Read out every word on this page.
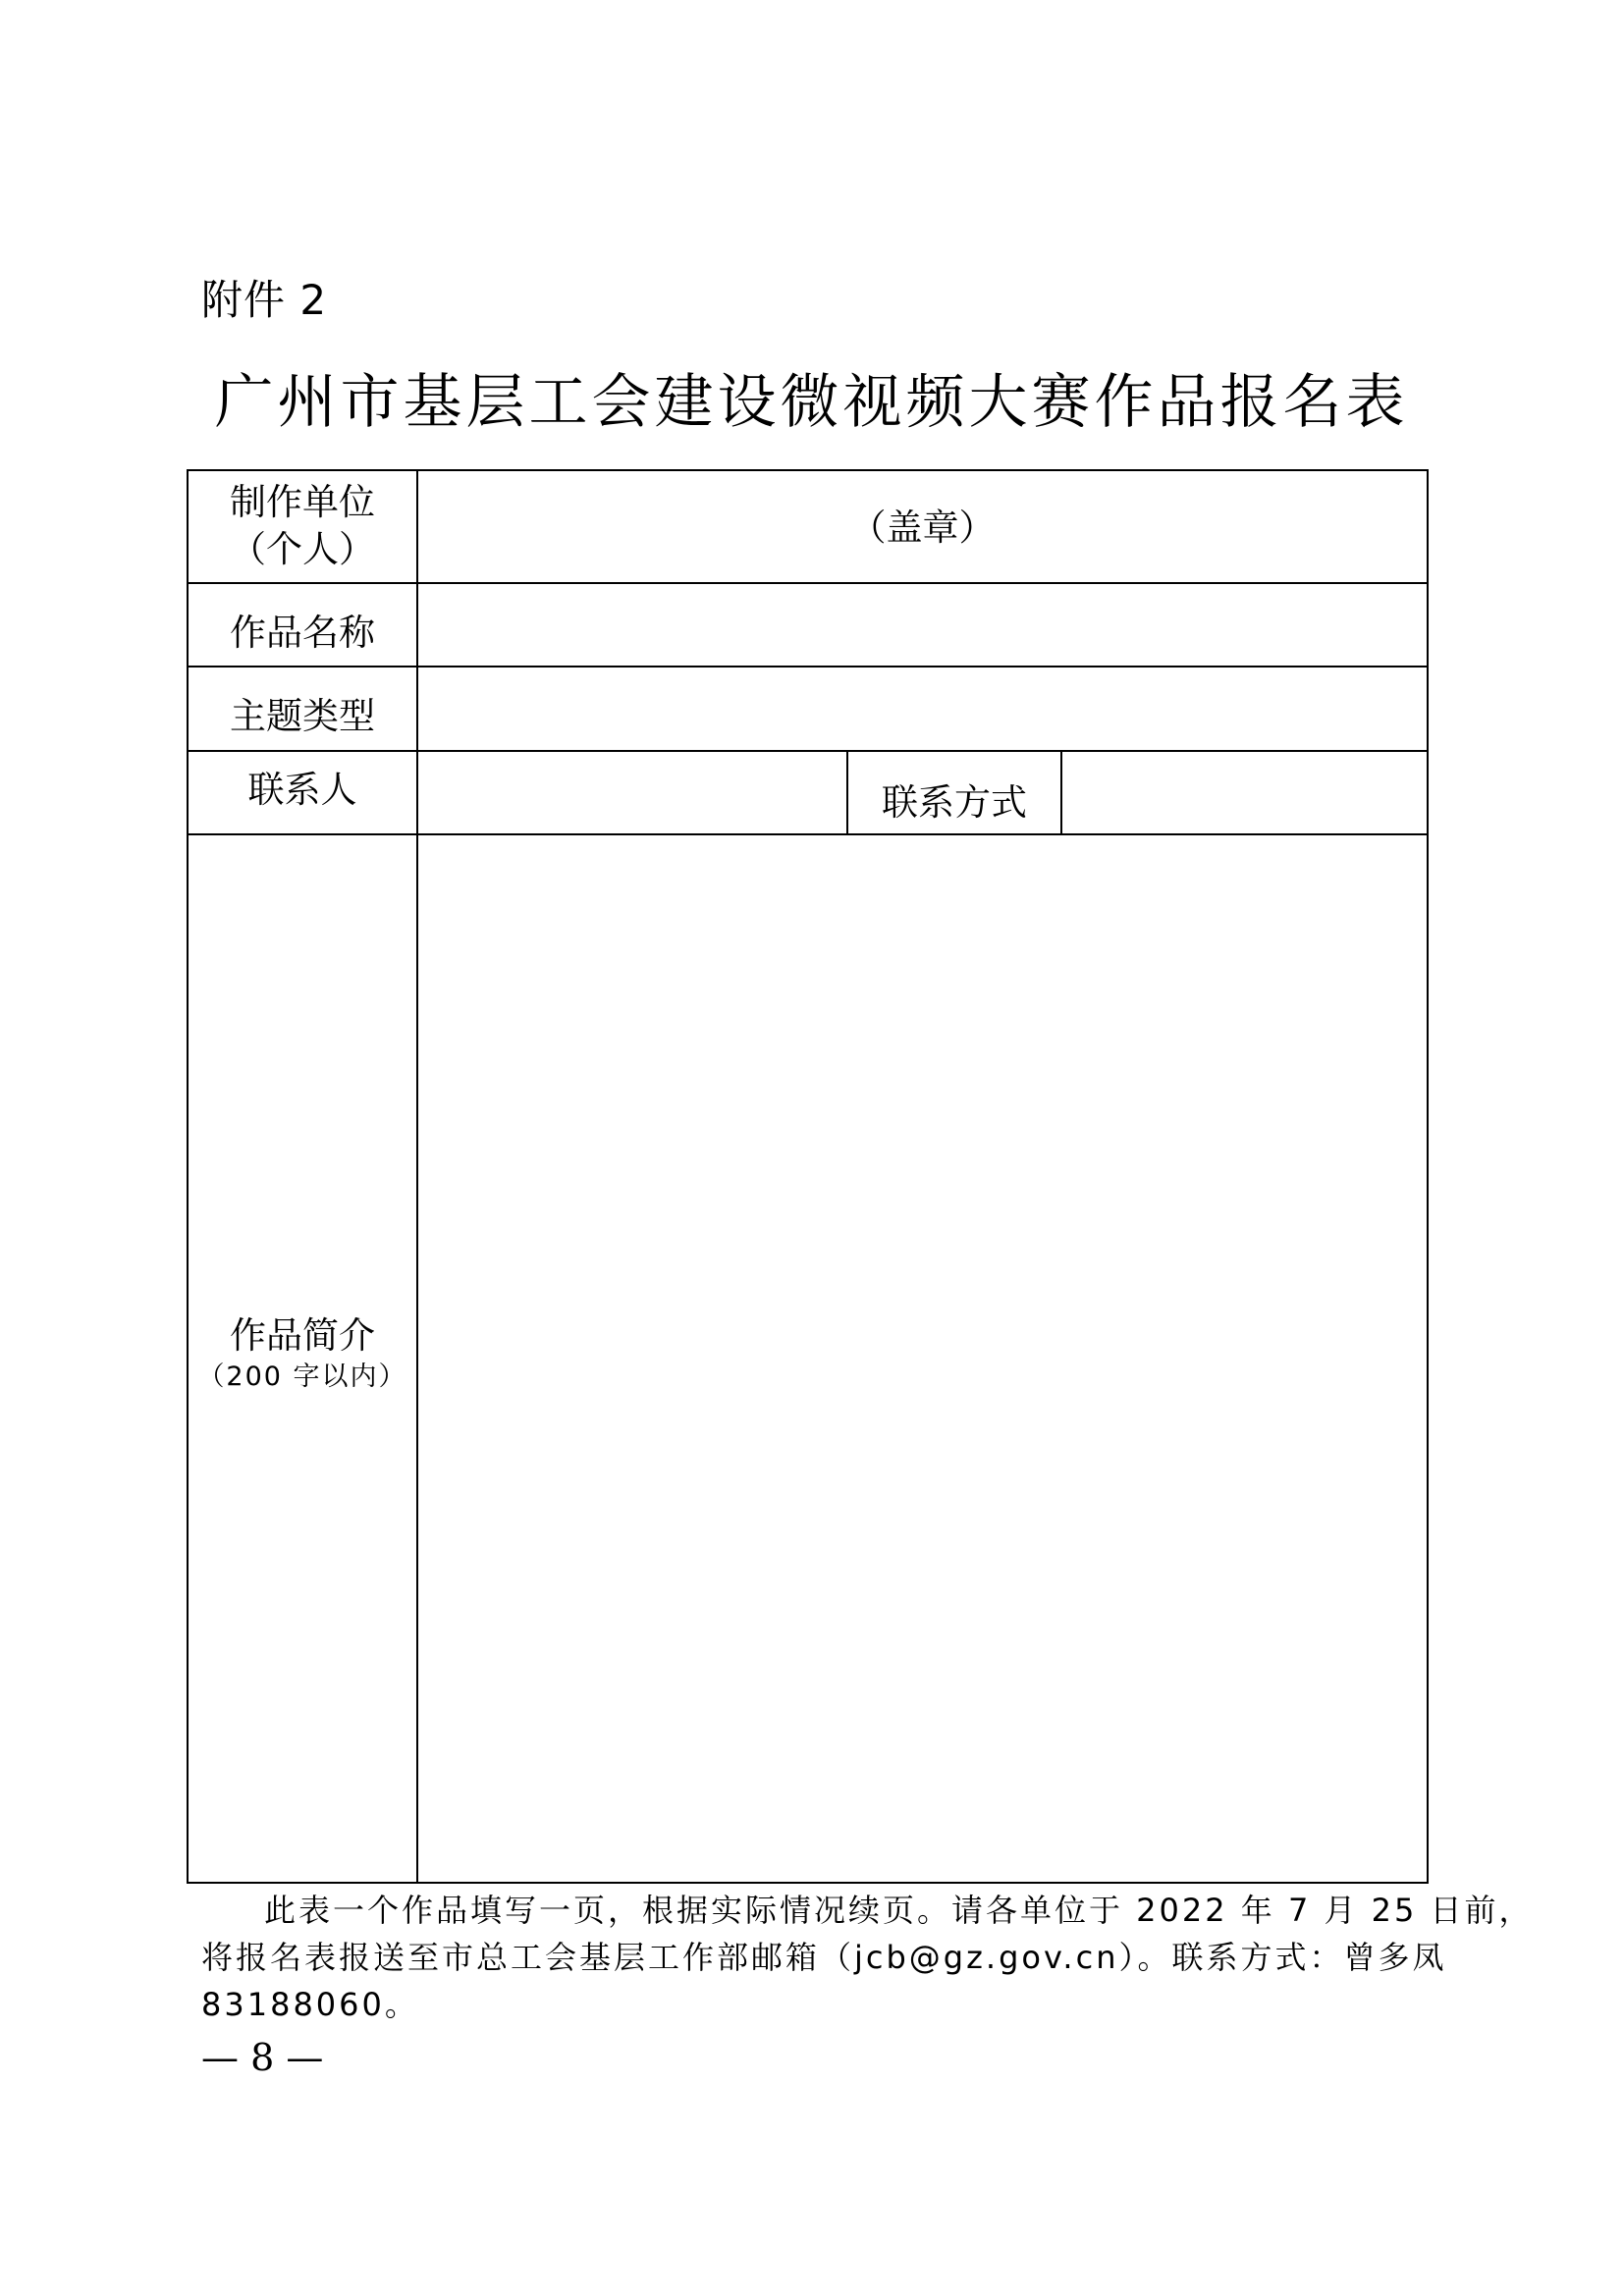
附件 2
广州市基层工会建设微视频大赛作品报名表
制作单位
（个人）
（盖章）
作品名称
主题类型
联系人	联系方式
作品简介
（200 字以内）
此表一个作品填写一页，根据实际情况续页。请各单位于 2022 年 7 月 25 日前，
将报名表报送至市总工会基层工作部邮箱（jcb@gz.gov.cn）。联系方式：曾多凤
83188060。
— 8 —
